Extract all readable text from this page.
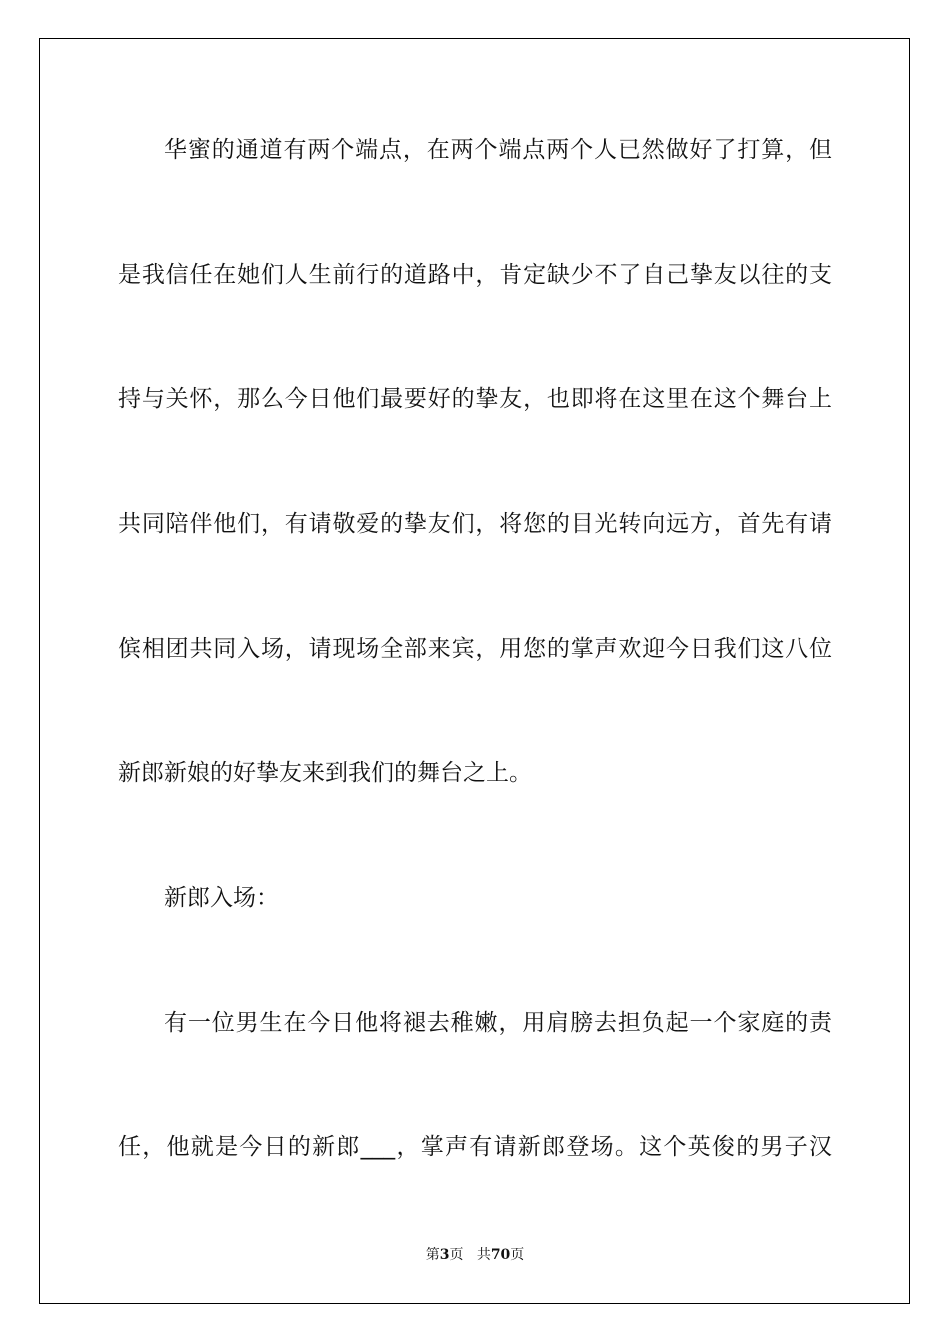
华蜜的通道有两个端点，在两个端点两个人已然做好了打算，但
是我信任在她们人生前行的道路中，肯定缺少不了自己挚友以往的支
持与关怀，那么今日他们最要好的挚友，也即将在这里在这个舞台上
共同陪伴他们，有请敬爱的挚友们，将您的目光转向远方，首先有请
傧相团共同入场，请现场全部来宾，用您的掌声欢迎今日我们这八位
新郎新娘的好挚友来到我们的舞台之上。
新郎入场：
有一位男生在今日他将褪去稚嫩，用肩膀去担负起一个家庭的责
任，他就是今日的新郎___，掌声有请新郎登场。这个英俊的男子汉
第3页 共70页
